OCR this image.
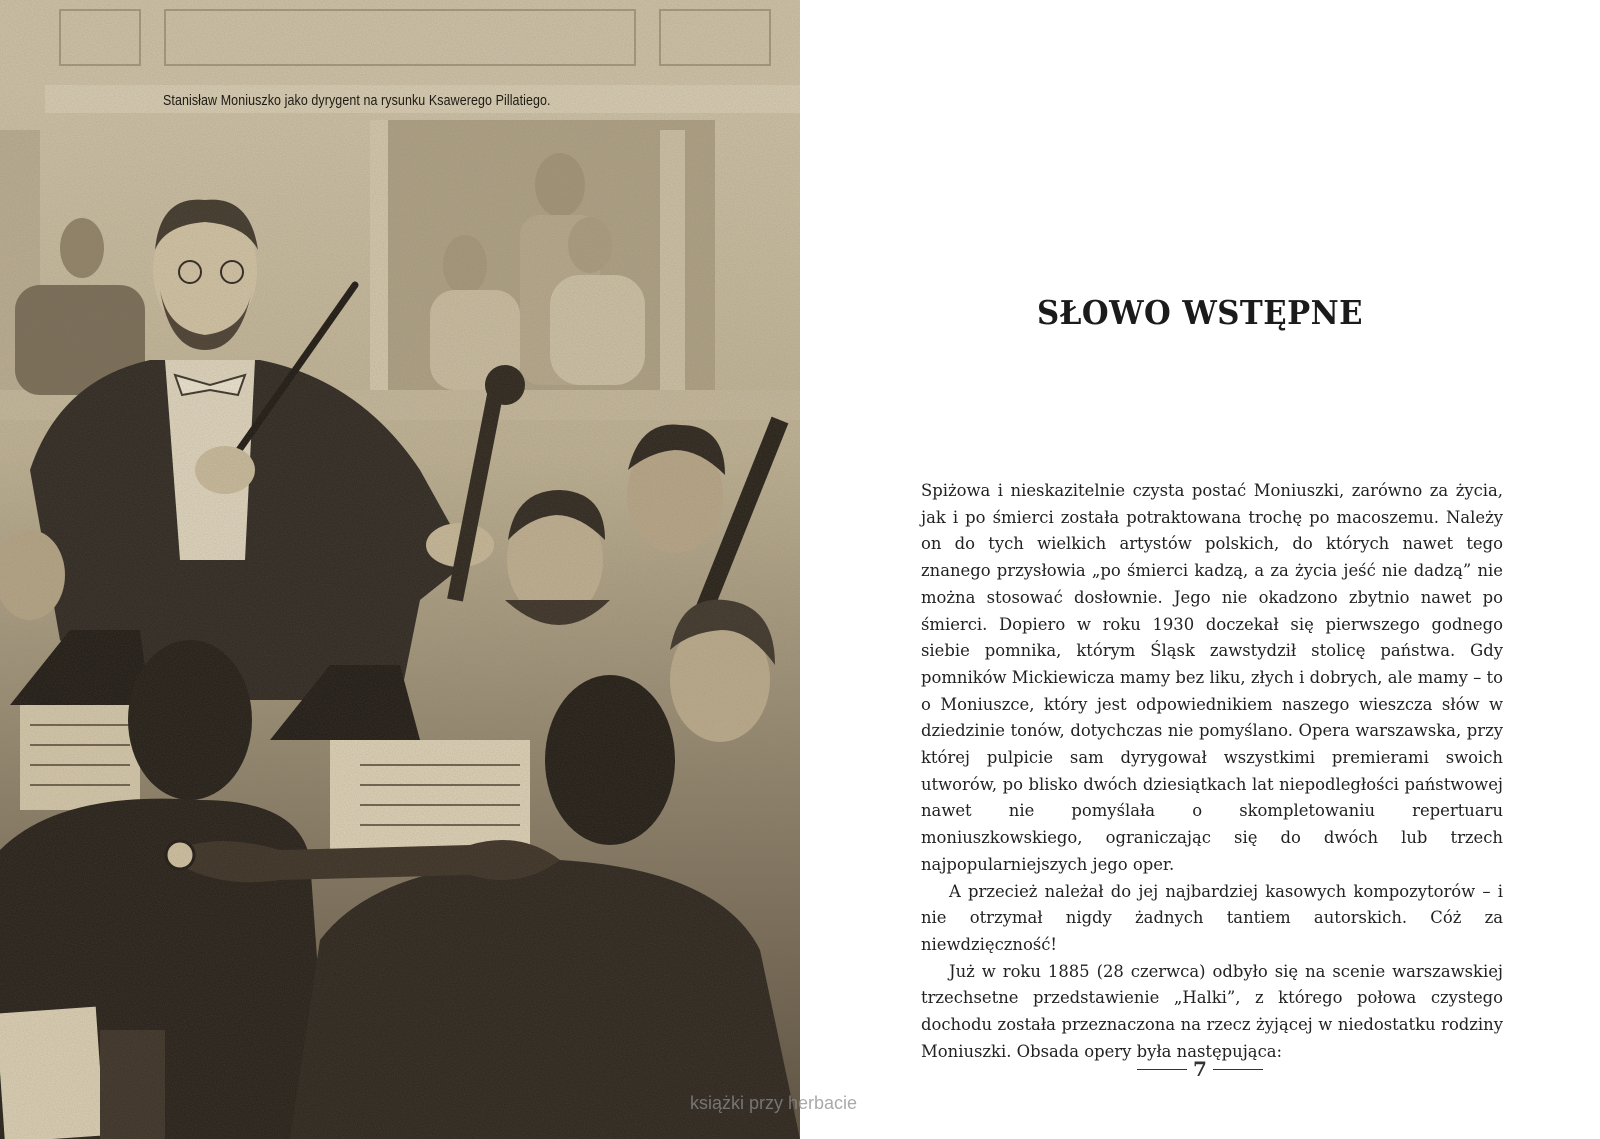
Stanisław Moniuszko jako dyrygent na rysunku Ksawerego Pillatiego.
SŁOWO WSTĘPNE

Spiżowa i nieskazitelnie czysta postać Moniuszki, zarówno za życia, jak i po śmierci została potraktowana trochę po macoszemu. Należy on do tych wielkich artystów polskich, do których nawet tego znanego przysłowia „po śmierci kadzą, a za życia jeść nie dadzą” nie można stosować dosłownie. Jego nie okadzono zbytnio nawet po śmierci. Dopiero w roku 1930 doczekał się pierwszego godnego siebie pomnika, którym Śląsk zawstydził stolicę państwa. Gdy pomników Mickiewicza mamy bez liku, złych i dobrych, ale mamy – to o Moniuszce, który jest odpowiednikiem naszego wieszcza słów w dziedzinie tonów, dotychczas nie pomyślano. Opera warszawska, przy której pulpicie sam dyrygował wszystkimi premierami swoich utworów, po blisko dwóch dziesiątkach lat niepodległości państwowej nawet nie pomyślała o skompletowaniu repertuaru moniuszkowskiego, ograniczając się do dwóch lub trzech najpopularniejszych jego oper.

A przecież należał do jej najbardziej kasowych kompozytorów – i nie otrzymał nigdy żadnych tantiem autorskich. Cóż za niewdzięczność!

Już w roku 1885 (28 czerwca) odbyło się na scenie warszawskiej trzechsetne przedstawienie „Halki”, z którego połowa czystego dochodu została przeznaczona na rzecz żyjącej w niedostatku rodziny Moniuszki. Obsada opery była następująca:

7
książki przy herbacie
